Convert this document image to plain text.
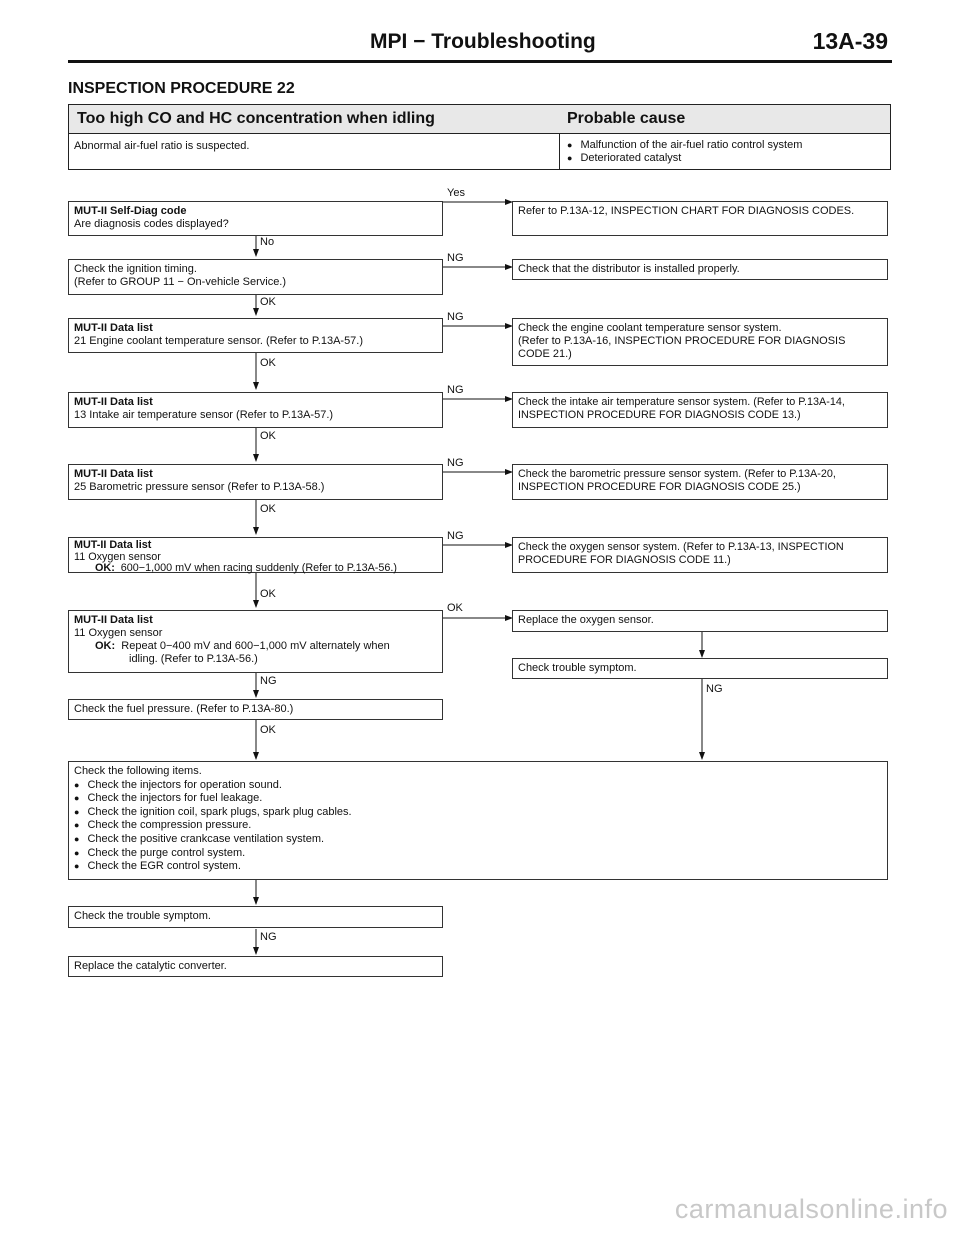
MPI − Troubleshooting	13A-39
INSPECTION PROCEDURE 22
Too high CO and HC concentration when idling	Probable cause
Abnormal air-fuel ratio is suspected.
●	Malfunction of the air-fuel ratio control system
● Deteriorated catalyst
Yes
MUT-II Self-Diag code
Are diagnosis codes displayed?
Refer to P.13A-12, INSPECTION CHART FOR DIAGNOSIS CODES.
No
NG
Check the ignition timing.
(Refer to GROUP 11 − On-vehicle Service.)
Check that the distributor is installed properly.
OK
NG
MUT-II Data list
21 Engine coolant temperature sensor. (Refer to P.13A-57.)
Check the engine coolant temperature sensor system.
(Refer to P.13A-16, INSPECTION PROCEDURE FOR DIAGNOSIS
CODE 21.)
OK
NG
MUT-II Data list
13 Intake air temperature sensor (Refer to P.13A-57.)
Check the intake air temperature sensor system. (Refer to P.13A-14,
INSPECTION PROCEDURE FOR DIAGNOSIS CODE 13.)
OK
NG
MUT-II Data list
25 Barometric pressure sensor (Refer to P.13A-58.)
Check the barometric pressure sensor system. (Refer to P.13A-20,
INSPECTION PROCEDURE FOR DIAGNOSIS CODE 25.)
OK
NG
MUT-II Data list
11 Oxygen sensor
OK: 600−1,000 mV when racing suddenly (Refer to P.13A-56.)
Check the oxygen sensor system. (Refer to P.13A-13, INSPECTION
PROCEDURE FOR DIAGNOSIS CODE 11.)
OK
OK
MUT-II Data list
11 Oxygen sensor
OK: Repeat 0−400 mV and 600−1,000 mV alternately when
idling. (Refer to P.13A-56.)
Replace the oxygen sensor.
Check trouble symptom.
NG
NG
Check the fuel pressure. (Refer to P.13A-80.)
OK
Check the following items.

● Check the injectors for operation sound.
● Check the injectors for fuel leakage.
● Check the ignition coil, spark plugs, spark plug cables.
● Check the compression pressure.
● Check the positive crankcase ventilation system.
● Check the purge control system.
● Check the EGR control system.
Check the trouble symptom.
NG
Replace the catalytic converter.
carmanualsonline.info
